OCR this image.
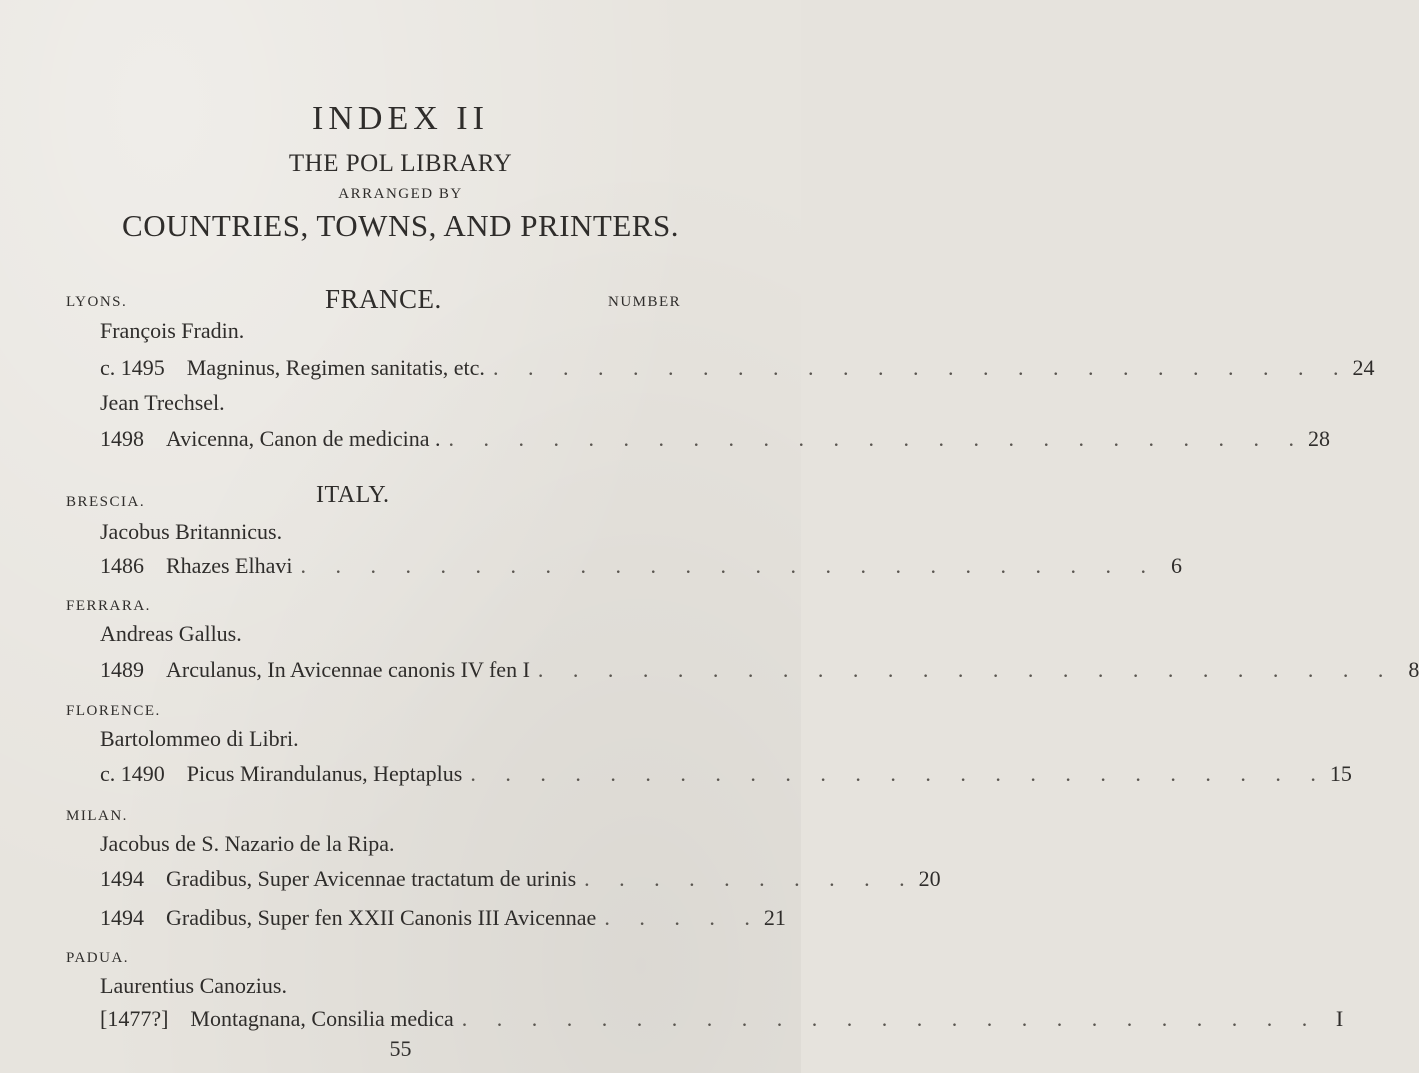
INDEX II
THE POL LIBRARY
ARRANGED BY
COUNTRIES, TOWNS, AND PRINTERS.
LYONS.	FRANCE.	NUMBER
François Fradin.
c. 1495 Magninus, Regimen sanitatis, etc. . . . . . . . . . . . . . . . . . . . . . . . . . 24
Jean Trechsel.
1498 Avicenna, Canon de medicina . . . . . . . . . . . . . . . . . . . . . . . . . . 28
BRESCIA.	ITALY.
Jacobus Britannicus.
1486 Rhazes Elhavi . . . . . . . . . . . . . . . . . . . . . . . . . 6
FERRARA.
Andreas Gallus.
1489 Arculanus, In Avicennae canonis IV fen I . . . . . . . . . . . . . . . . . . . . . . . . . 8
FLORENCE.
Bartolommeo di Libri.
c. 1490 Picus Mirandulanus, Heptaplus . . . . . . . . . . . . . . . . . . . . . . . . . 15
MILAN.
Jacobus de S. Nazario de la Ripa.
1494 Gradibus, Super Avicennae tractatum de urinis . . . . . . . . . . 20
1494 Gradibus, Super fen XXII Canonis III Avicennae . . . . . 21
PADUA.
Laurentius Canozius.
[1477?] Montagnana, Consilia medica . . . . . . . . . . . . . . . . . . . . . . . . . I
55
